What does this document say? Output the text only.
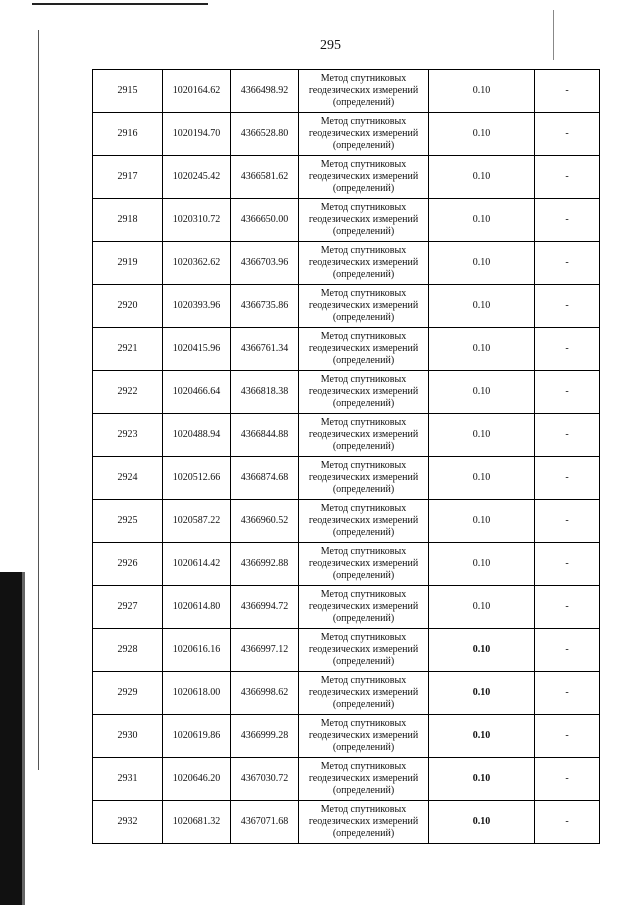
295
2915	1020164.62	4366498.92	Метод спутниковых
геодезических измерений
(определений)	0.10	-
2916	1020194.70	4366528.80	Метод спутниковых
геодезических измерений
(определений)	0.10	-
2917	1020245.42	4366581.62	Метод спутниковых
геодезических измерений
(определений)	0.10	-
2918	1020310.72	4366650.00	Метод спутниковых
геодезических измерений
(определений)	0.10	-
2919	1020362.62	4366703.96	Метод спутниковых
геодезических измерений
(определений)	0.10	-
2920	1020393.96	4366735.86	Метод спутниковых
геодезических измерений
(определений)	0.10	-
2921	1020415.96	4366761.34	Метод спутниковых
геодезических измерений
(определений)	0.10	-
2922	1020466.64	4366818.38	Метод спутниковых
геодезических измерений
(определений)	0.10	-
2923	1020488.94	4366844.88	Метод спутниковых
геодезических измерений
(определений)	0.10	-
2924	1020512.66	4366874.68	Метод спутниковых
геодезических измерений
(определений)	0.10	-
2925	1020587.22	4366960.52	Метод спутниковых
геодезических измерений
(определений)	0.10	-
2926	1020614.42	4366992.88	Метод спутниковых
геодезических измерений
(определений)	0.10	-
2927	1020614.80	4366994.72	Метод спутниковых
геодезических измерений
(определений)	0.10	-
2928	1020616.16	4366997.12	Метод спутниковых
геодезических измерений
(определений)	0.10	-
2929	1020618.00	4366998.62	Метод спутниковых
геодезических измерений
(определений)	0.10	-
2930	1020619.86	4366999.28	Метод спутниковых
геодезических измерений
(определений)	0.10	-
2931	1020646.20	4367030.72	Метод спутниковых
геодезических измерений
(определений)	0.10	-
2932	1020681.32	4367071.68	Метод спутниковых
геодезических измерений
(определений)	0.10	-
